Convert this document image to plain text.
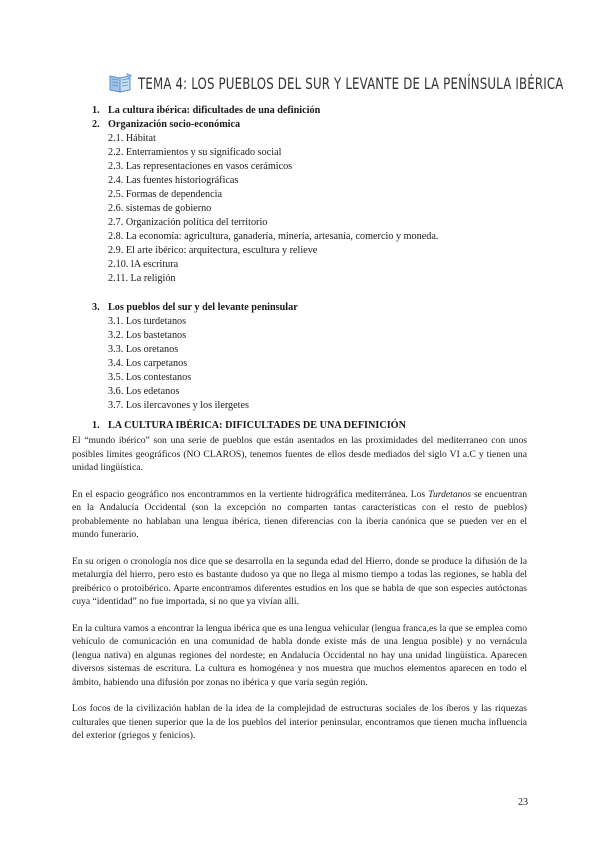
TEMA 4: LOS PUEBLOS DEL SUR Y LEVANTE DE LA PENÍNSULA IBÉRICA
1. La cultura ibérica: dificultades de una definición
2. Organización socio-económica
2.1. Hábitat
2.2. Enterramientos y su significado social
2.3. Las representaciones en vasos cerámicos
2.4. Las fuentes historiográficas
2.5. Formas de dependencia
2.6. sistemas de gobierno
2.7. Organización política del territorio
2.8. La economía: agricultura, ganadería, minería, artesanía, comercio y moneda.
2.9. El arte ibérico: arquitectura, escultura y relieve
2.10. lA escritura
2.11. La religión
3. Los pueblos del sur y del levante peninsular
3.1. Los turdetanos
3.2. Los bastetanos
3.3. Los oretanos
3.4. Los carpetanos
3.5. Los contestanos
3.6. Los edetanos
3.7. Los ilercavones y los ilergetes
1. LA CULTURA IBÉRICA: DIFICULTADES DE UNA DEFINICIÓN

El “mundo ibérico” son una serie de pueblos que están asentados en las proximidades del mediterraneo con unos posibles límites geográficos (NO CLAROS), tenemos fuentes de ellos desde mediados del siglo VI a.C y tienen una unidad lingüística.

En el espacio geográfico nos encontrammos en la vertiente hidrográfica mediterránea. Los Turdetanos se encuentran en la Andalucía Occidental (son la excepción no comparten tantas características con el resto de pueblos) probablemente no hablaban una lengua ibérica, tienen diferencias con la iberia canónica que se pueden ver en el mundo funerario.

En su origen o cronología nos dice que se desarrolla en la segunda edad del Hierro, donde se produce la difusión de la metalurgia del hierro, pero esto es bastante dudoso ya que no llega al mismo tiempo a todas las regiones, se habla del preibérico o protoibérico. Aparte encontramos diferentes estudios en los que se habla de que son especies autóctonas cuya “identidad” no fue importada, si no que ya vivían allí.

En la cultura vamos a encontrar la lengua ibérica que es una lengua vehicular (lengua franca,es la que se emplea como vehículo de comunicación en una comunidad de habla donde existe más de una lengua posible) y no vernácula (lengua nativa) en algunas regiones del nordeste; en Andalucía Occidental no hay una unidad lingüística. Aparecen diversos sistemas de escritura. La cultura es homogénea y nos muestra que muchos elementos aparecen en todo el ámbito, habiendo una difusión por zonas no ibérica y que varía según región.

Los focos de la civilización hablan de la idea de la complejidad de estructuras sociales de los íberos y las riquezas culturales que tienen superior que la de los pueblos del interior peninsular, encontramos que tienen mucha influencia del exterior (griegos y fenicios).

23
